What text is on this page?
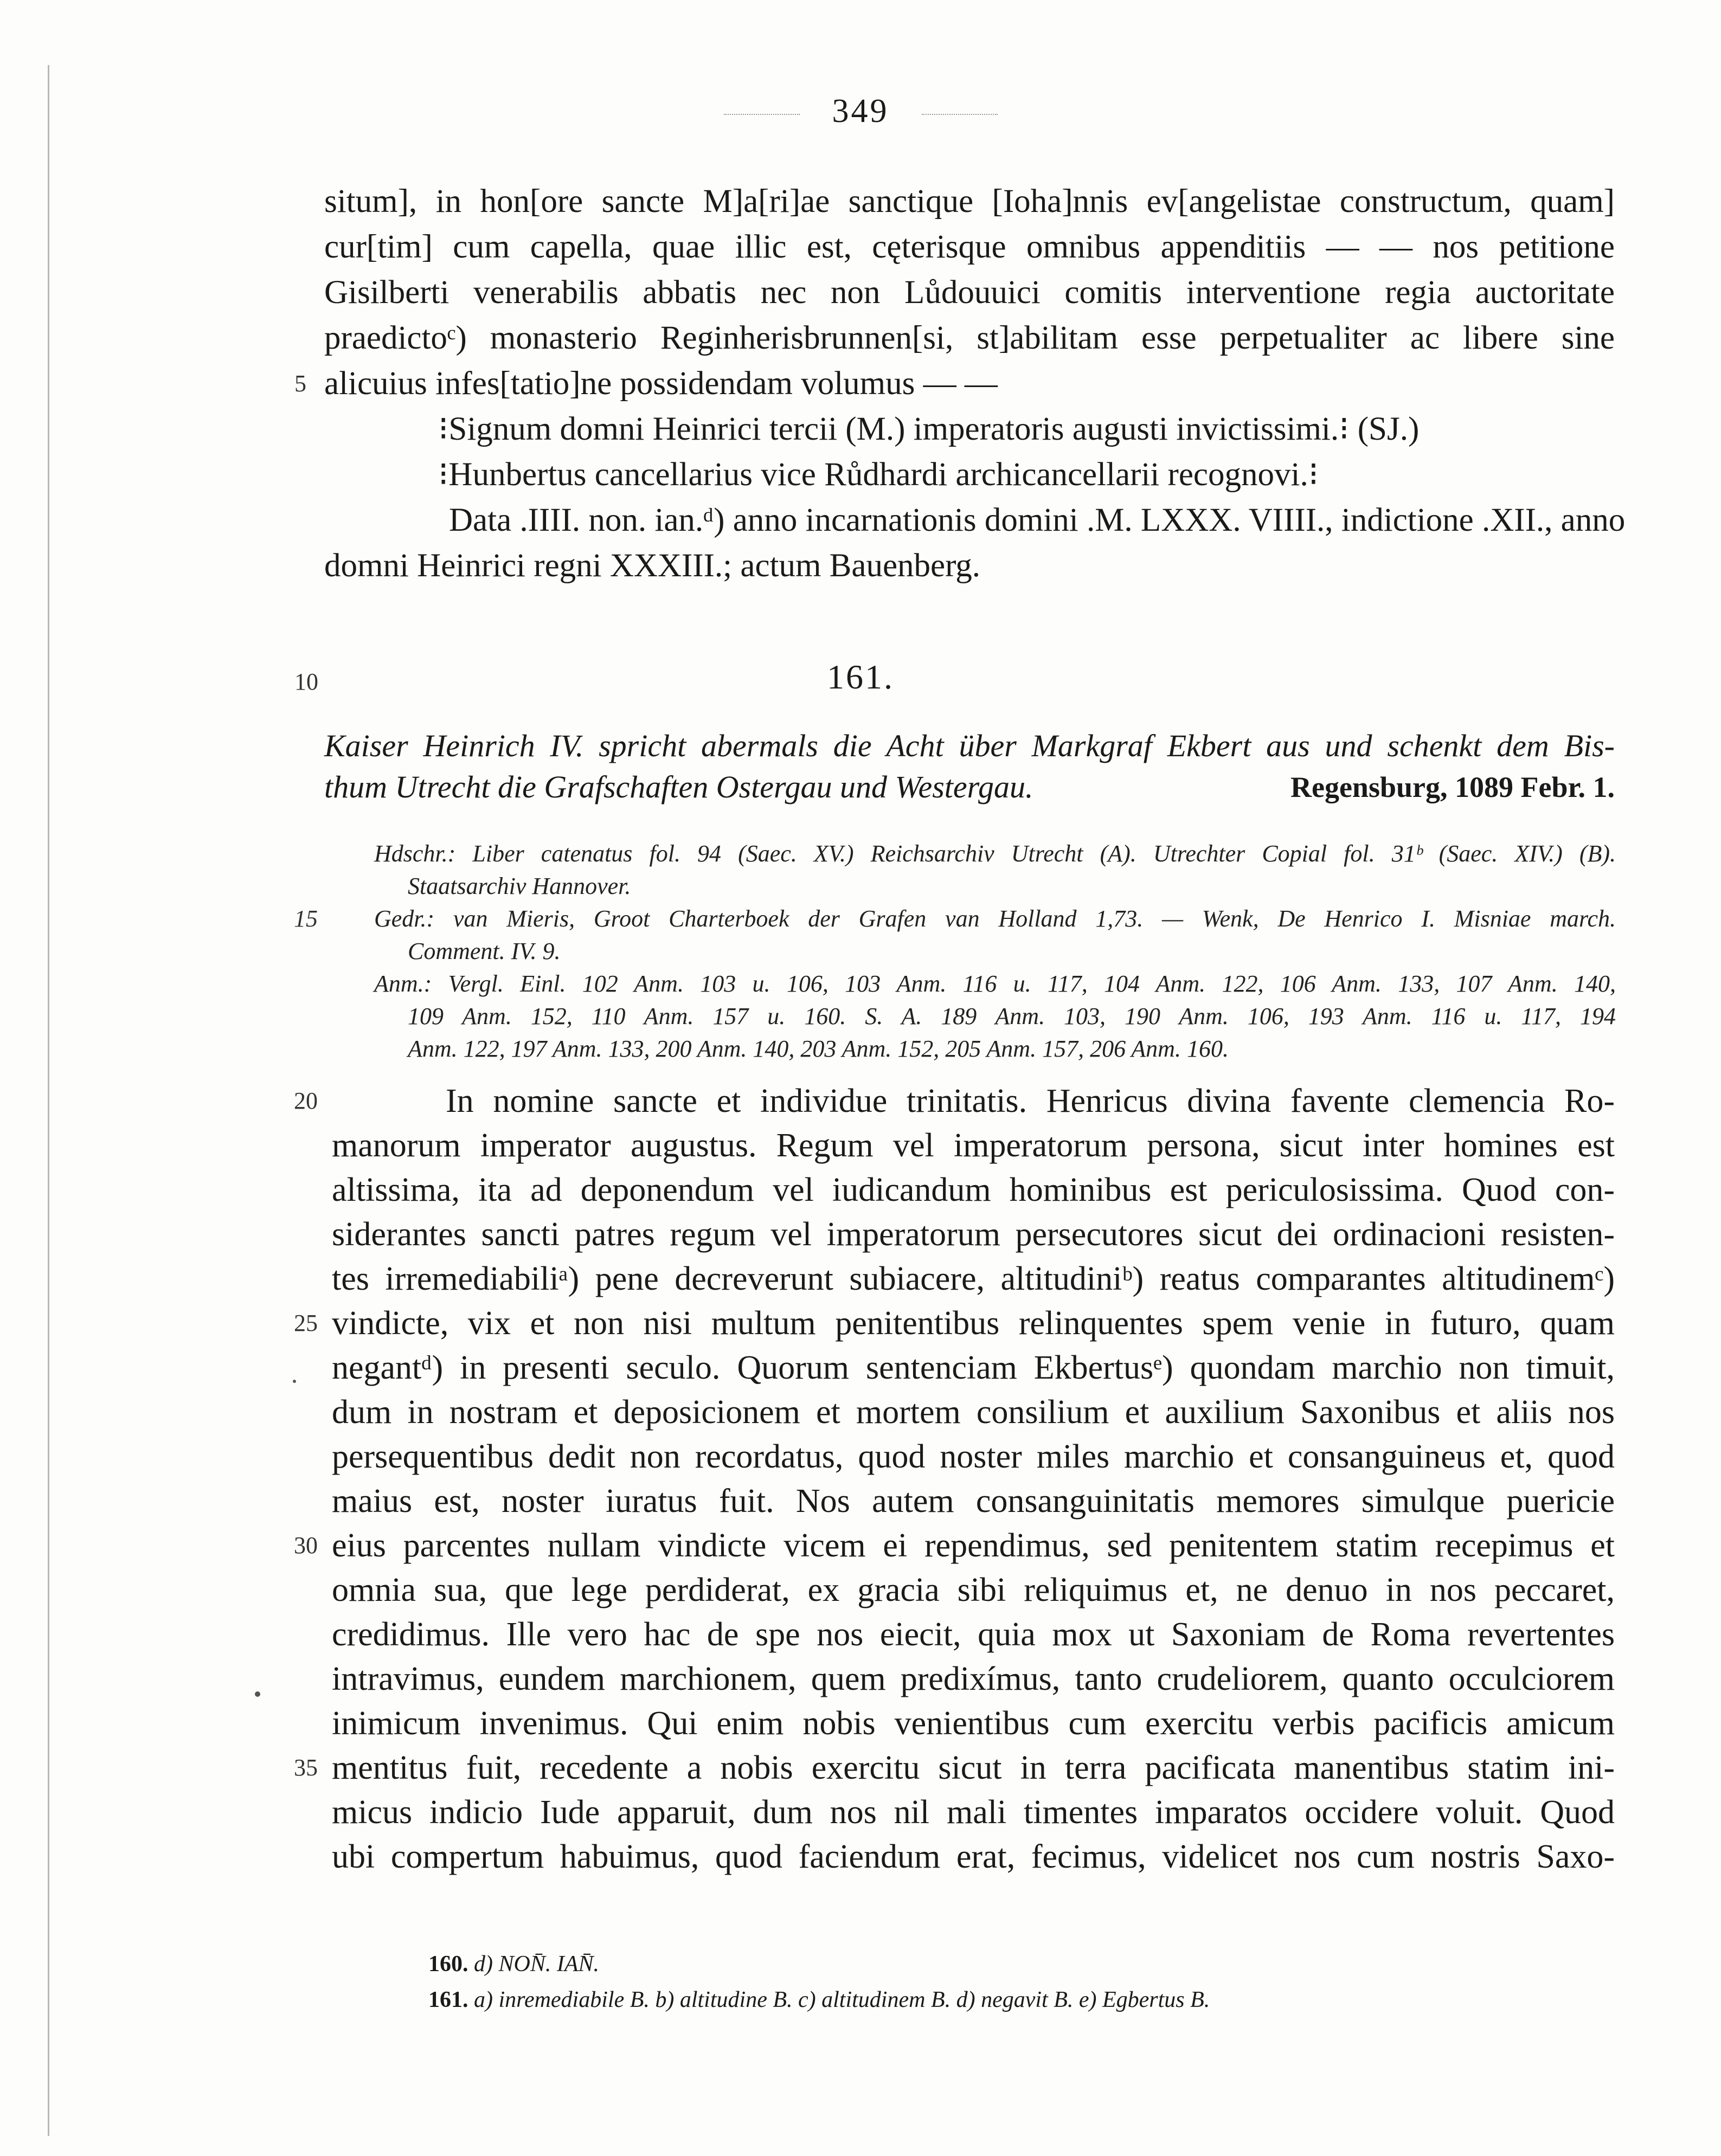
349
situm], in hon[ore sancte M]a[ri]ae sanctique [Ioha]nnis ev[angelistae constructum, quam]
cur[tim] cum capella, quae illic est, cęterisque omnibus appenditiis — — nos petitione
Gisilberti venerabilis abbatis nec non Lůdouuici comitis interventione regia auctoritate
praedictoᶜ) monasterio Reginherisbrunnen[si, st]abilitam esse perpetualiter ac libere sine
5 alicuius infes[tatio]ne possidendam volumus — —
⁝Signum domni Heinrici tercii (M.) imperatoris augusti invictissimi.⁝ (SJ.)
⁝Hunbertus cancellarius vice Růdhardi archicancellarii recognovi.⁝
Data .IIII. non. ian.ᵈ) anno incarnationis domini .M. LXXX. VIIII., indictione .XII., anno
domni Heinrici regni XXXIII.; actum Bauenberg.
10	161.
Kaiser Heinrich IV. spricht abermals die Acht über Markgraf Ekbert aus und schenkt dem Bis-
thum Utrecht die Grafschaften Ostergau und Westergau.	Regensburg, 1089 Febr. 1.
Hdschr.: Liber catenatus fol. 94 (Saec. XV.) Reichsarchiv Utrecht (A). Utrechter Copial fol. 31ᵇ (Saec. XIV.) (B).
Staatsarchiv Hannover.
15 Gedr.: van Mieris, Groot Charterboek der Grafen van Holland 1,73. — Wenk, De Henrico I. Misniae march.
Comment. IV. 9.
Anm.: Vergl. Einl. 102 Anm. 103 u. 106, 103 Anm. 116 u. 117, 104 Anm. 122, 106 Anm. 133, 107 Anm. 140,
109 Anm. 152, 110 Anm. 157 u. 160. S. A. 189 Anm. 103, 190 Anm. 106, 193 Anm. 116 u. 117, 194
Anm. 122, 197 Anm. 133, 200 Anm. 140, 203 Anm. 152, 205 Anm. 157, 206 Anm. 160.
20	In nomine sancte et individue trinitatis. Henricus divina favente clemencia Ro-
manorum imperator augustus. Regum vel imperatorum persona, sicut inter homines est
altissima, ita ad deponendum vel iudicandum hominibus est periculosissima. Quod con-
siderantes sancti patres regum vel imperatorum persecutores sicut dei ordinacioni resisten-
tes irremediabiliᵃ) pene decreverunt subiacere, altitudiniᵇ) reatus comparantes altitudinemᶜ)
25 vindicte, vix et non nisi multum penitentibus relinquentes spem venie in futuro, quam
negantᵈ) in presenti seculo. Quorum sentenciam Ekbertusᵉ) quondam marchio non timuit,
dum in nostram et deposicionem et mortem consilium et auxilium Saxonibus et aliis nos
persequentibus dedit non recordatus, quod noster miles marchio et consanguineus et, quod
maius est, noster iuratus fuit. Nos autem consanguinitatis memores simulque puericie
30 eius parcentes nullam vindicte vicem ei rependimus, sed penitentem statim recepimus et
omnia sua, que lege perdiderat, ex gracia sibi reliquimus et, ne denuo in nos peccaret,
credidimus. Ille vero hac de spe nos eiecit, quia mox ut Saxoniam de Roma revertentes
intravimus, eundem marchionem, quem predixímus, tanto crudeliorem, quanto occulciorem
inimicum invenimus. Qui enim nobis venientibus cum exercitu verbis pacificis amicum
35 mentitus fuit, recedente a nobis exercitu sicut in terra pacificata manentibus statim ini-
micus indicio Iude apparuit, dum nos nil mali timentes imparatos occidere voluit. Quod
ubi compertum habuimus, quod faciendum erat, fecimus, videlicet nos cum nostris Saxo-
160. d) NON̄. IAN̄.
161. a) inremediabile B. b) altitudine B. c) altitudinem B. d) negavit B. e) Egbertus B.
